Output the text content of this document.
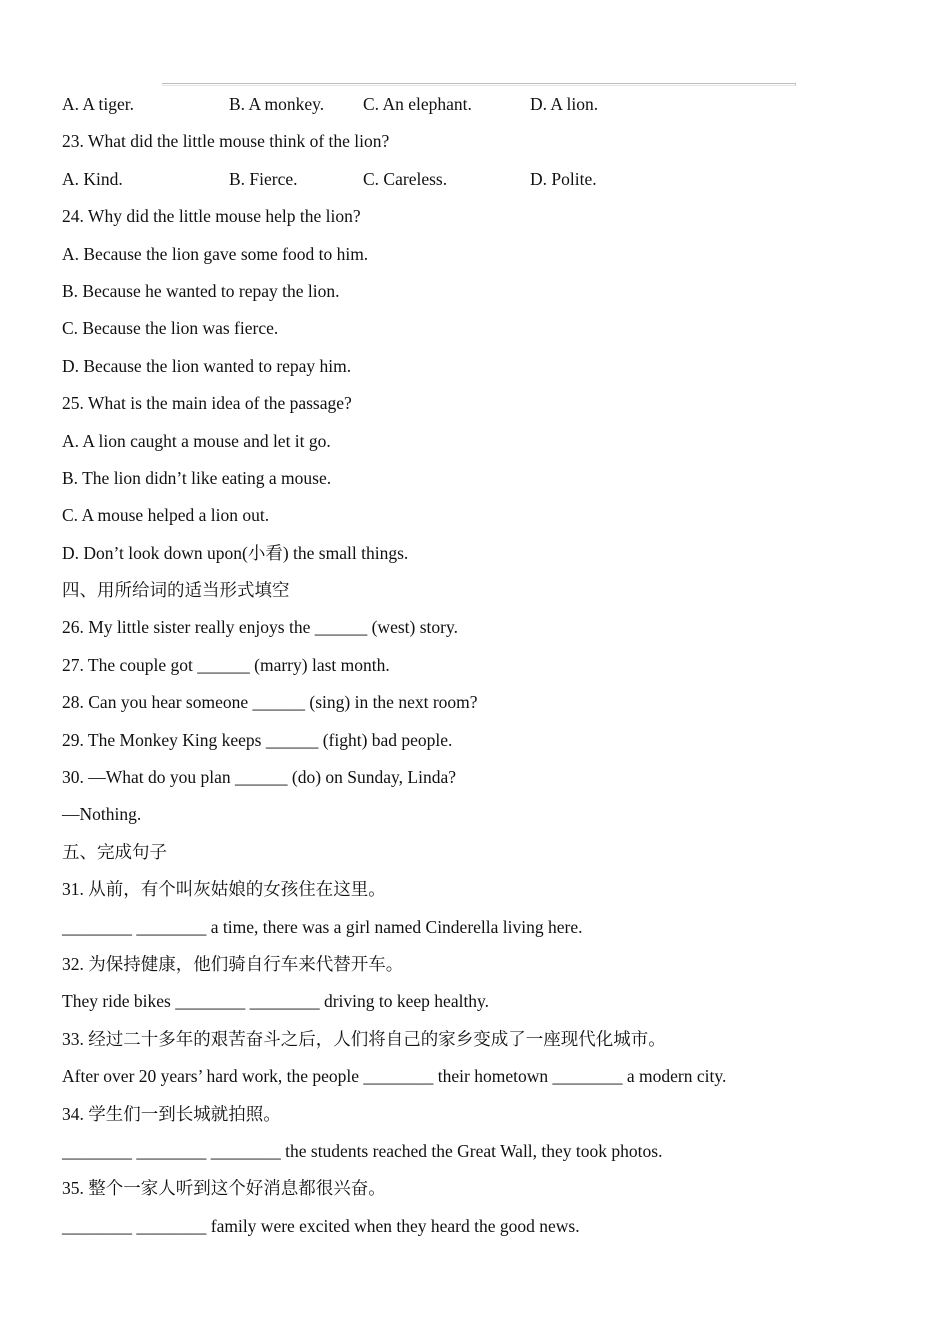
A. A tiger.	B. A monkey. C. An elephant.	D. A lion.
23. What did the little mouse think of the lion?
A. Kind.	B. Fierce.	C. Careless.	D. Polite.
24. Why did the little mouse help the lion?
A. Because the lion gave some food to him.
B. Because he wanted to repay the lion.
C. Because the lion was fierce.
D. Because the lion wanted to repay him.
25. What is the main idea of the passage?
A. A lion caught a mouse and let it go.
B. The lion didn’t like eating a mouse.
C. A mouse helped a lion out.
D. Don’t look down upon(小看) the small things.
四、用所给词的适当形式填空
26. My little sister really enjoys the ______ (west) story.
27. The couple got ______ (marry) last month.
28. Can you hear someone ______ (sing) in the next room?
29. The Monkey King keeps ______ (fight) bad people.
30. —What do you plan ______ (do) on Sunday, Linda?
—Nothing.
五、完成句子
31. 从前，有个叫灰姑娘的女孩住在这里。
________ ________ a time, there was a girl named Cinderella living here.
32. 为保持健康，他们骑自行车来代替开车。
They ride bikes ________ ________ driving to keep healthy.
33. 经过二十多年的艰苦奋斗之后，人们将自己的家乡变成了一座现代化城市。
After over 20 years’ hard work, the people ________ their hometown ________ a modern city.
34. 学生们一到长城就拍照。
________ ________ ________ the students reached the Great Wall, they took photos.
35. 整个一家人听到这个好消息都很兴奋。
________ ________ family were excited when they heard the good news.
